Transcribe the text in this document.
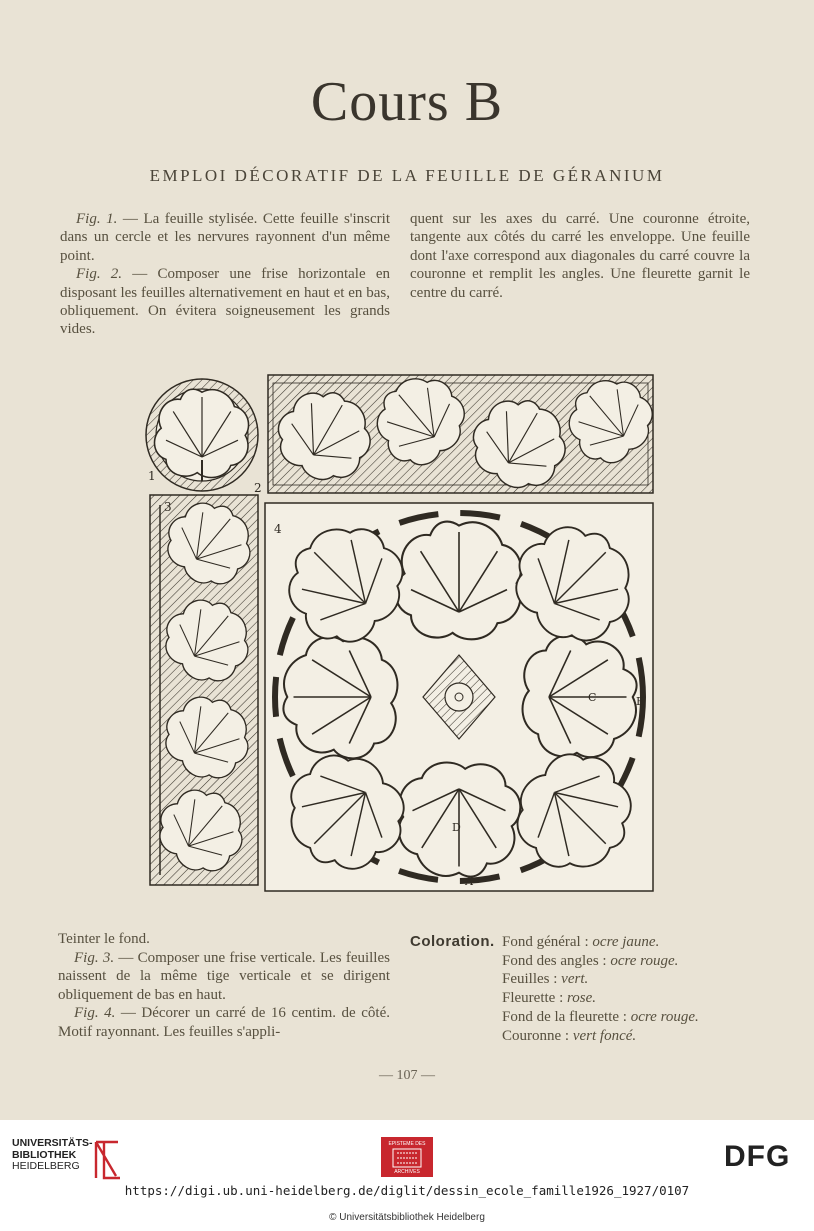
Cours B
EMPLOI DÉCORATIF DE LA FEUILLE DE GÉRANIUM

Fig. 1. — La feuille stylisée. Cette feuille s'inscrit dans un cercle et les nervures rayonnent d'un même point.

Fig. 2. — Composer une frise horizontale en disposant les feuilles alternativement en haut et en bas, obliquement. On évitera soigneusement les grands vides.

quent sur les axes du carré. Une couronne étroite, tangente aux côtés du carré les enveloppe. Une feuille dont l'axe correspond aux diagonales du carré couvre la couronne et remplit les angles. Une fleurette garnit le centre du carré.

1
2
3
4
B
C
D
A

Teinter le fond.

Fig. 3. — Composer une frise verticale. Les feuilles naissent de la même tige verticale et se dirigent obliquement de bas en haut.

Fig. 4. — Décorer un carré de 16 centim. de côté. Motif rayonnant. Les feuilles s'appli-

Coloration. Fond général : ocre jaune.
Fond des angles : ocre rouge.
Feuilles : vert.
Fleurette : rose.
Fond de la fleurette : ocre rouge.
Couronne : vert foncé.
— 107 —
UNIVERSITÄTS-
BIBLIOTHEK
HEIDELBERG
EPISTEME DES
ARCHIVES	DFG
https://digi.ub.uni-heidelberg.de/diglit/dessin_ecole_famille1926_1927/0107
© Universitätsbibliothek Heidelberg
